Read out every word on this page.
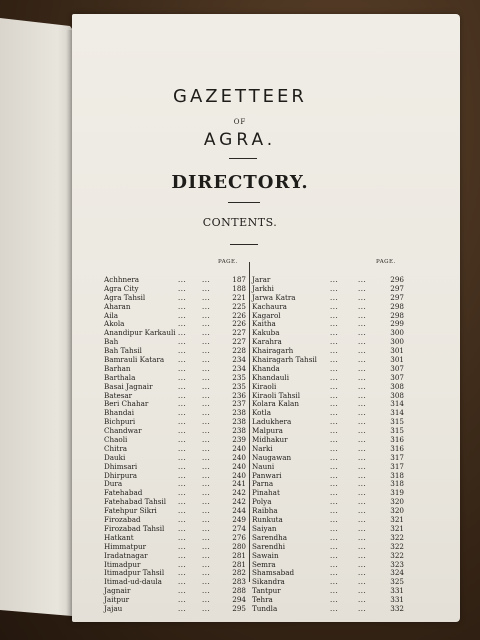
GAZETTEER
OF
AGRA.
DIRECTORY.
CONTENTS.
PAGE.	PAGE.
Achhnera	... ...	187
Agra City	... ...	188
Agra Tahsil	... ...	221
Aharan	... ...	225
Aila	... ...	226
Akola	... ...	226
Anandipur Karkauli ... ...	227
Bah	... ...	227
Bah Tahsil	... ...	228
Bamrauli Katara ... ...	234
Barhan	... ...	234
Barthala	... ...	235
Basai Jagnair	... ...	235
Batesar	... ...	236
Beri Chahar	... ...	237
Bhandai	... ...	238
Bichpuri	... ...	238
Chandwar	... ...	238
Chaoli	... ...	239
Chitra	... ...	240
Dauki	... ...	240
Dhimsari	... ...	240
Dhirpura	... ...	240
Dura	... ...	241
Fatehabad	... ...	242
Fatehabad Tahsil ... ...	242
Fatehpur Sikri	... ...	244
Firozabad	... ...	249
Firozabad Tahsil ... ...	274
Hatkant	... ...	276
Himmatpur	... ...	280
Iradatnagar	... ...	281
Itimadpur	... ...	281
Itimadpur Tahsil ... ...	282
Itimad-ud-daula ... ...	283
Jagnair	... ...	288
Jaitpur	... ...	294
Jajau	... ...	295
Jarar	...	...	296
Jarkhi	...	...	297
Jarwa Katra	...	...	297
Kachaura	...	...	298
Kagarol	...	...	298
Kaitha	...	...	299
Kakuba	...	...	300
Karahra	...	...	300
Khairagarh	...	...	301
Khairagarh Tahsil ...	...	301
Khanda	...	...	307
Khandauli	...	...	307
Kiraoli	...	...	308
Kiraoli Tahsil	...	...	308
Kolara Kalan	...	...	314
Kotla	...	...	314
Ladukhera	...	...	315
Malpura	...	...	315
Midhakur	...	...	316
Narki	...	...	316
Naugawan	...	...	317
Nauni	...	...	317
Panwari	...	...	318
Parna	...	...	318
Pinahat	...	...	319
Polya	...	...	320
Raibha	...	...	320
Runkuta	...	...	321
Saiyan	...	...	321
Sarendha	...	...	322
Sarendhi	...	...	322
Sawain	...	...	322
Semra	...	...	323
Shamsabad	...	...	324
Sikandra	...	...	325
Tantpur	...	...	331
Tehra	...	...	331
Tundla	...	...	332
